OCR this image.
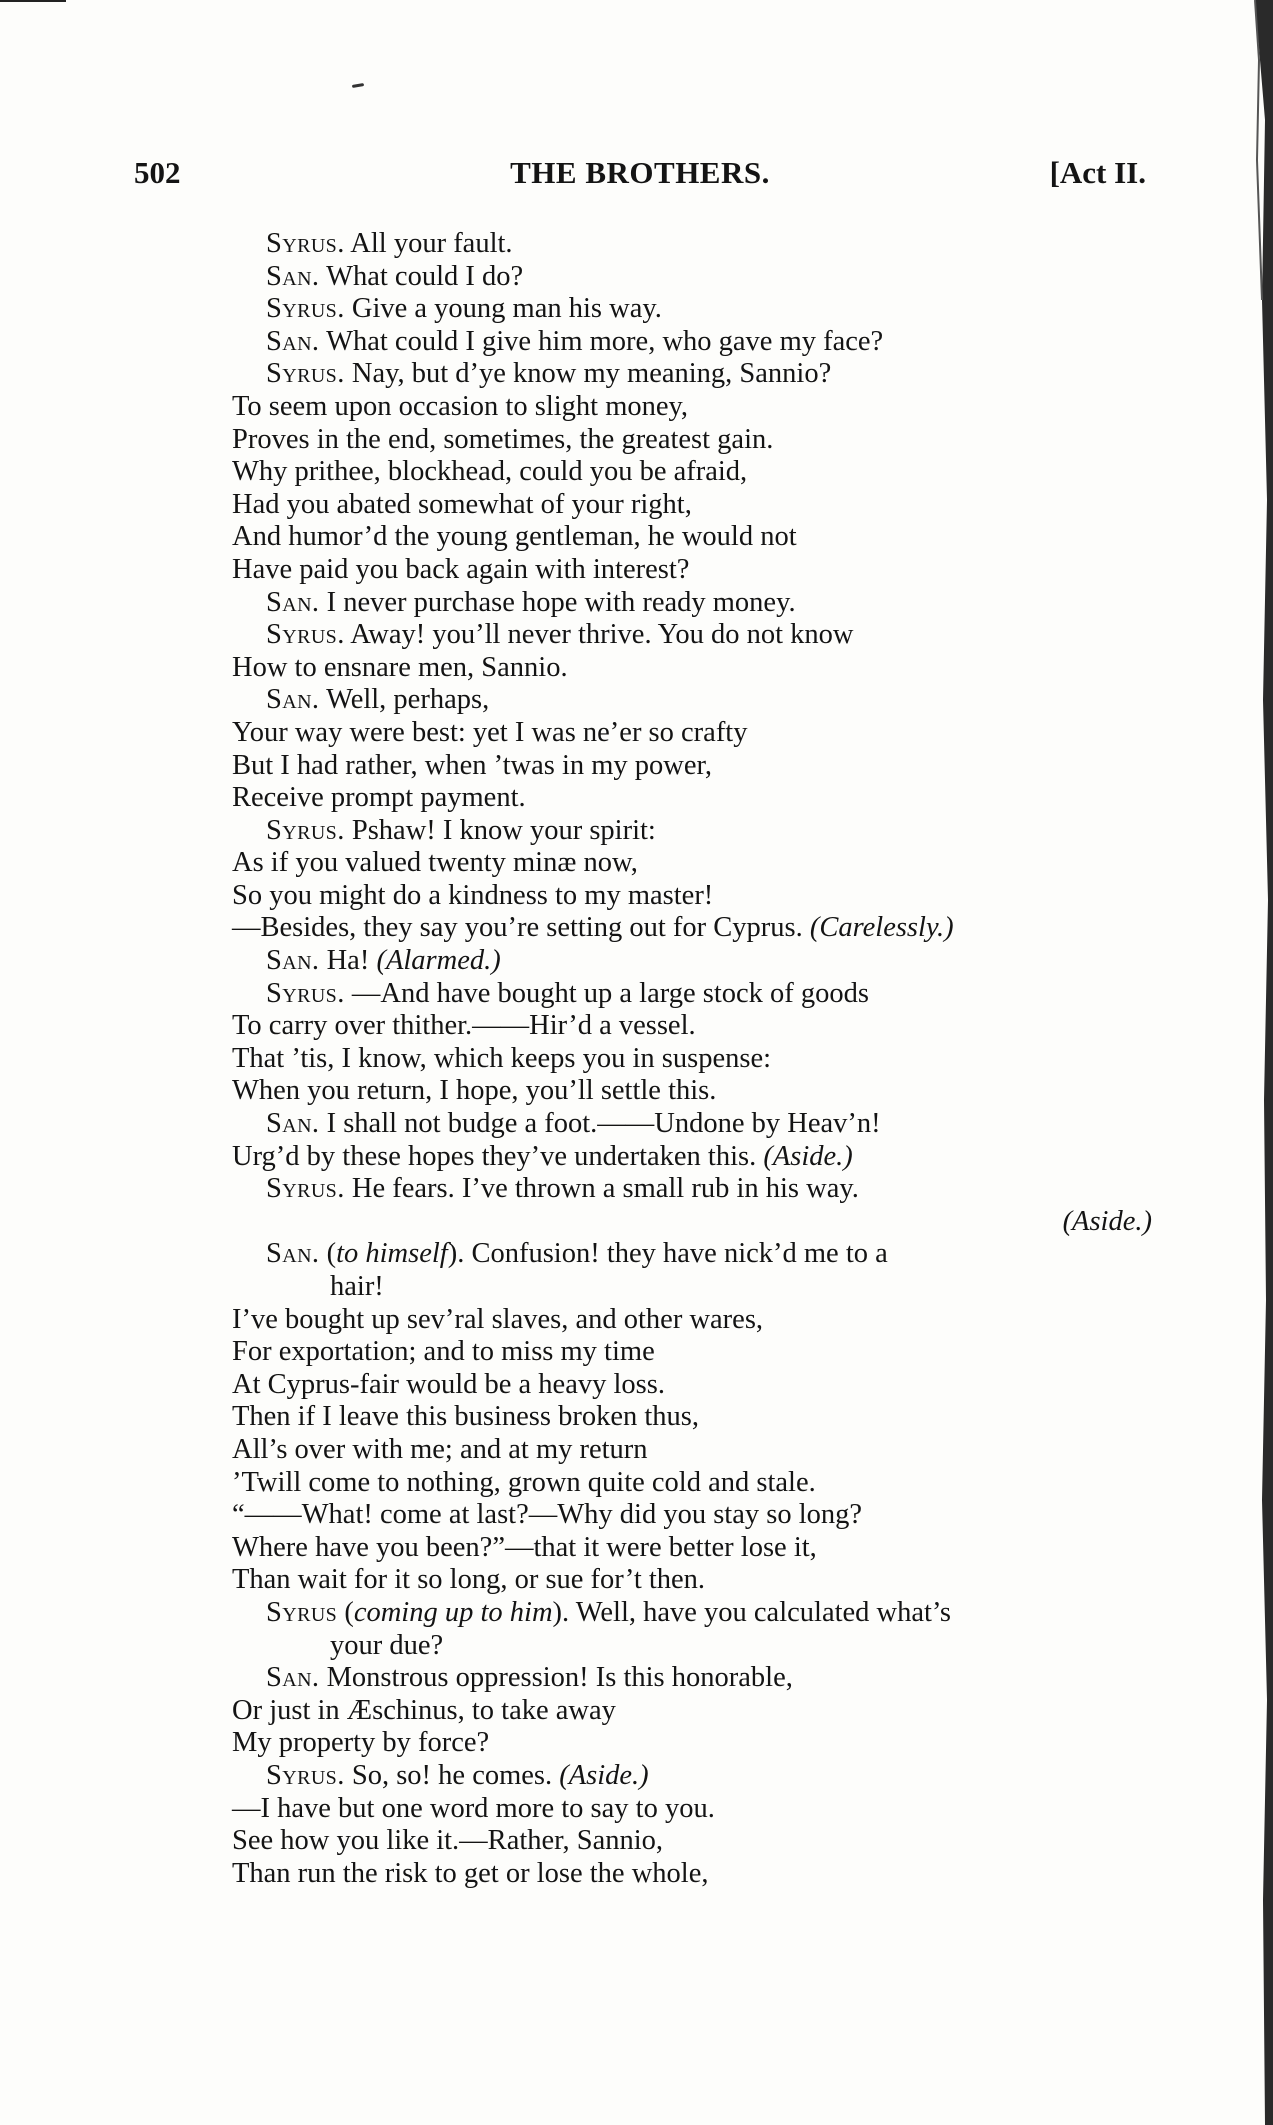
502	THE BROTHERS.	[Act II.
Syrus. All your fault.
San. What could I do?
Syrus. Give a young man his way.
San. What could I give him more, who gave my face?
Syrus. Nay, but d’ye know my meaning, Sannio?
To seem upon occasion to slight money,
Proves in the end, sometimes, the greatest gain.
Why prithee, blockhead, could you be afraid,
Had you abated somewhat of your right,
And humor’d the young gentleman, he would not
Have paid you back again with interest?
San. I never purchase hope with ready money.
Syrus. Away! you’ll never thrive. You do not know
How to ensnare men, Sannio.
San. Well, perhaps,
Your way were best: yet I was ne’er so crafty
But I had rather, when ’twas in my power,
Receive prompt payment.
Syrus. Pshaw! I know your spirit:
As if you valued twenty minæ now,
So you might do a kindness to my master!
—Besides, they say you’re setting out for Cyprus. (Carelessly.)
San. Ha! (Alarmed.)
Syrus. —And have bought up a large stock of goods
To carry over thither.——Hir’d a vessel.
That ’tis, I know, which keeps you in suspense:
When you return, I hope, you’ll settle this.
San. I shall not budge a foot.——Undone by Heav’n!
Urg’d by these hopes they’ve undertaken this. (Aside.)
Syrus. He fears. I’ve thrown a small rub in his way.
(Aside.)
San. (to himself). Confusion! they have nick’d me to a
hair!
I’ve bought up sev’ral slaves, and other wares,
For exportation; and to miss my time
At Cyprus-fair would be a heavy loss.
Then if I leave this business broken thus,
All’s over with me; and at my return
’Twill come to nothing, grown quite cold and stale.
“——What! come at last?—Why did you stay so long?
Where have you been?”—that it were better lose it,
Than wait for it so long, or sue for’t then.
Syrus (coming up to him). Well, have you calculated what’s
your due?
San. Monstrous oppression! Is this honorable,
Or just in Æschinus, to take away
My property by force?
Syrus. So, so! he comes. (Aside.)
—I have but one word more to say to you.
See how you like it.—Rather, Sannio,
Than run the risk to get or lose the whole,
